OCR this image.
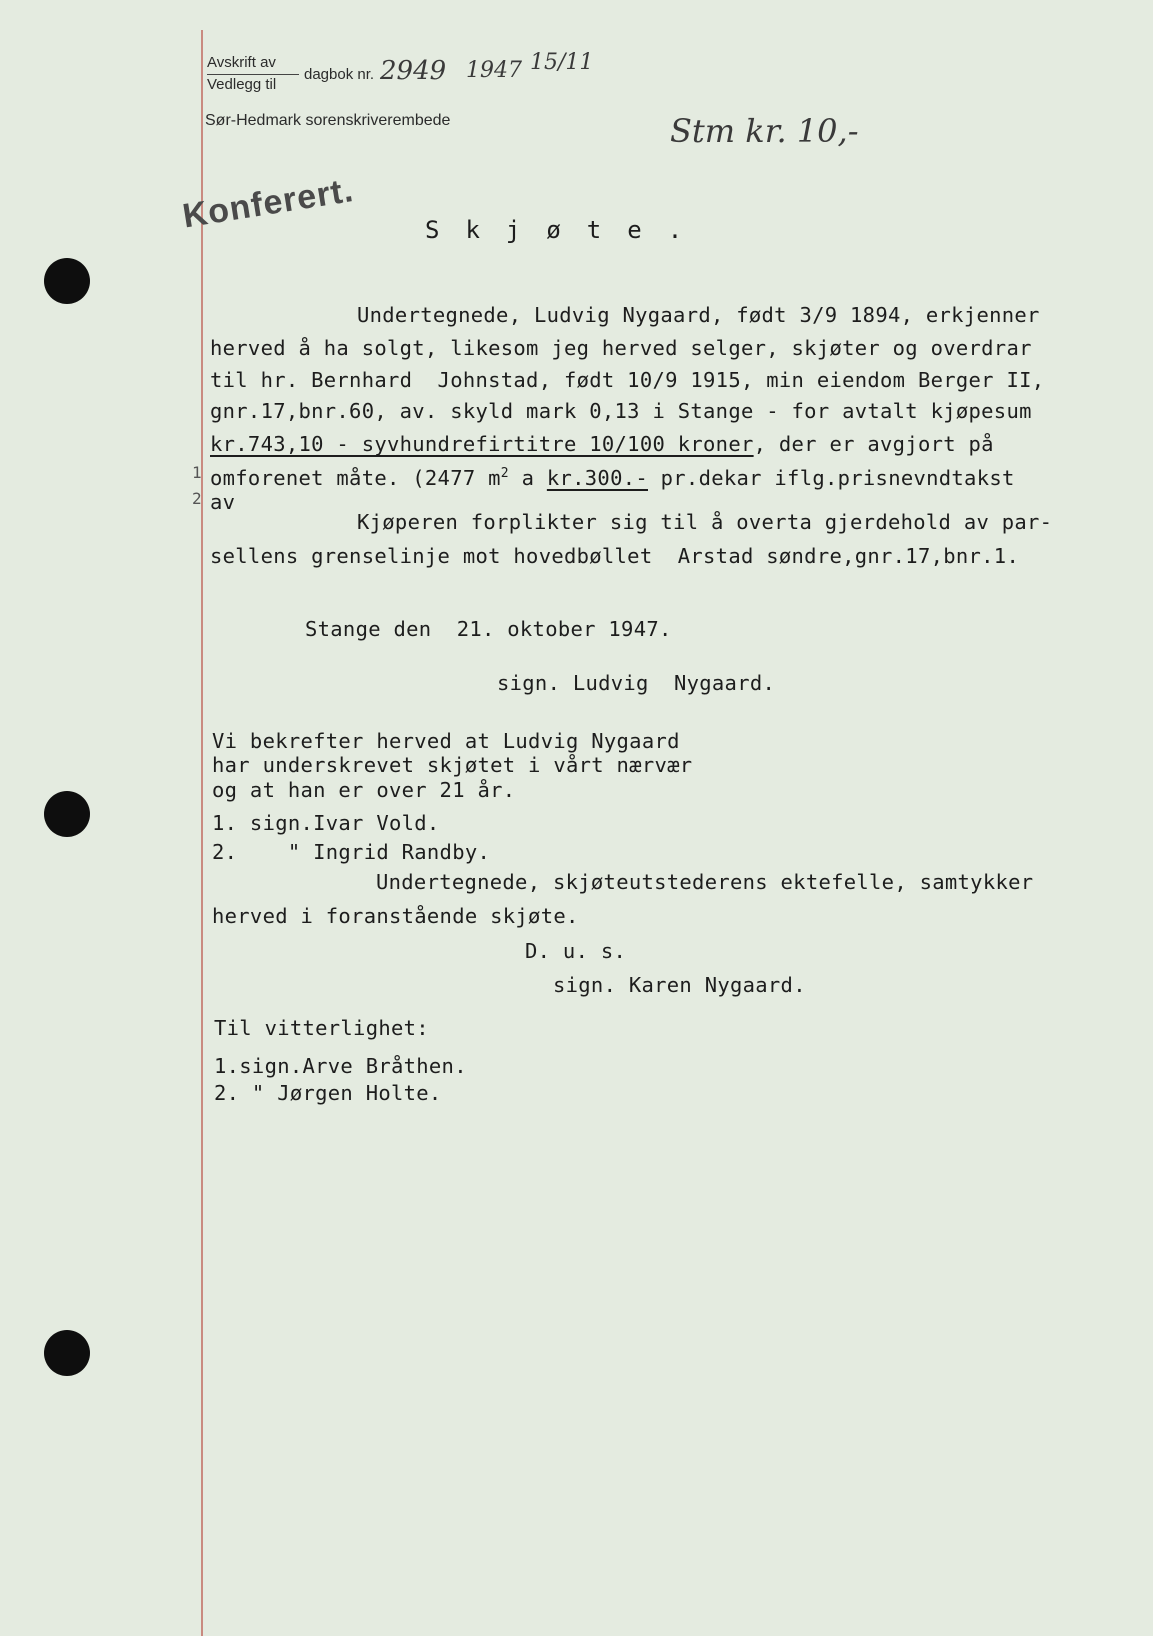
Avskrift av
Vedlegg til
dagbok nr. 2949 1947 15/11
Sør-Hedmark sorenskriverembede	Stm kr. 10,-
Konferert.	Skjøte.
Undertegnede, Ludvig Nygaard, født 3/9 1894, erkjenner
herved å ha solgt, likesom jeg herved selger, skjøter og overdrar
til hr. Bernhard  Johnstad, født 10/9 1915, min eiendom Berger II,
gnr.17,bnr.60, av. skyld mark 0,13 i Stange - for avtalt kjøpesum
kr.743,10 - syvhundrefirtitre 10/100 kroner, der er avgjort på
omforenet måte. (2477 $m^2$ a kr.300.- pr.dekar iflg.prisnevndtakst
av
1
2
Kjøperen forplikter sig til å overta gjerdehold av par-
sellens grenselinje mot hovedbøllet  Arstad søndre,gnr.17,bnr.1.
Stange den  21. oktober 1947.
sign. Ludvig  Nygaard.
Vi bekrefter herved at Ludvig Nygaard
har underskrevet skjøtet i vårt nærvær
og at han er over 21 år.
1. sign.Ivar Vold.
2.    " Ingrid Randby.
Undertegnede, skjøteutstederens ektefelle, samtykker
herved i foranstående skjøte.
D. u. s.
sign. Karen Nygaard.
Til vitterlighet:
1.sign.Arve Bråthen.
2. " Jørgen Holte.
